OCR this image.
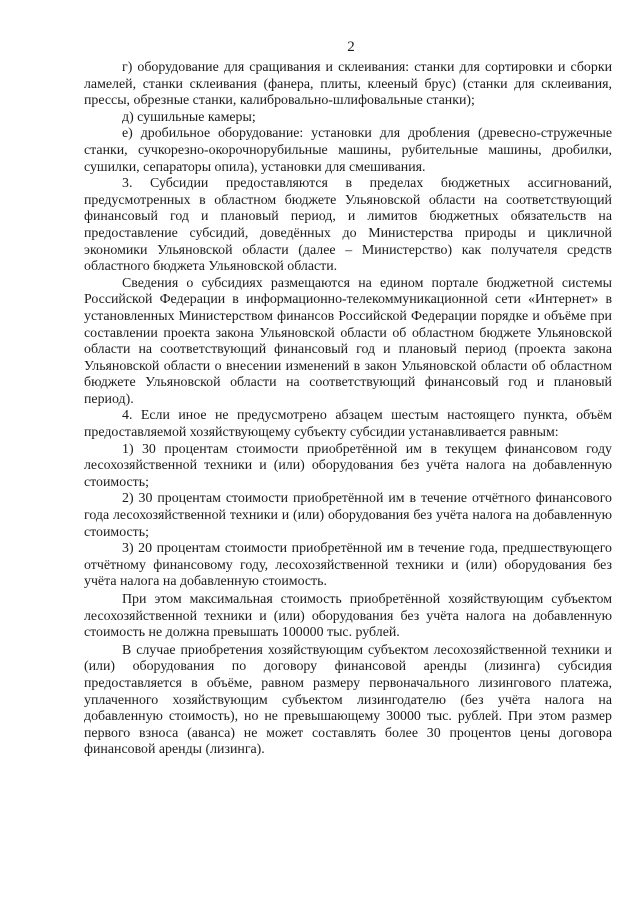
2

г) оборудование для сращивания и склеивания: станки для сортировки и сборки ламелей, станки склеивания (фанера, плиты, клееный брус) (станки для склеивания, прессы, обрезные станки, калибровально-шлифовальные станки);

д) сушильные камеры;

е) дробильное оборудование: установки для дробления (древесно-стружечные станки, сучкорезно-окорочнорубильные машины, рубительные машины, дробилки, сушилки, сепараторы опила), установки для смешивания.

3. Субсидии предоставляются в пределах бюджетных ассигнований, предусмотренных в областном бюджете Ульяновской области на соответствующий финансовый год и плановый период, и лимитов бюджетных обязательств на предоставление субсидий, доведённых до Министерства природы и цикличной экономики Ульяновской области (далее – Министерство) как получателя средств областного бюджета Ульяновской области.

Сведения о субсидиях размещаются на едином портале бюджетной системы Российской Федерации в информационно-телекоммуникационной сети «Интернет» в установленных Министерством финансов Российской Федерации порядке и объёме при составлении проекта закона Ульяновской области об областном бюджете Ульяновской области на соответствующий финансовый год и плановый период (проекта закона Ульяновской области о внесении изменений в закон Ульяновской области об областном бюджете Ульяновской области на соответствующий финансовый год и плановый период).

4. Если иное не предусмотрено абзацем шестым настоящего пункта, объём предоставляемой хозяйствующему субъекту субсидии устанавливается равным:

1) 30 процентам стоимости приобретённой им в текущем финансовом году лесохозяйственной техники и (или) оборудования без учёта налога на добавленную стоимость;

2) 30 процентам стоимости приобретённой им в течение отчётного финансового года лесохозяйственной техники и (или) оборудования без учёта налога на добавленную стоимость;

3) 20 процентам стоимости приобретённой им в течение года, предшествующего отчётному финансовому году, лесохозяйственной техники и (или) оборудования без учёта налога на добавленную стоимость.

При этом максимальная стоимость приобретённой хозяйствующим субъектом лесохозяйственной техники и (или) оборудования без учёта налога на добавленную стоимость не должна превышать 100000 тыс. рублей.

В случае приобретения хозяйствующим субъектом лесохозяйственной техники и (или) оборудования по договору финансовой аренды (лизинга) субсидия предоставляется в объёме, равном размеру первоначального лизингового платежа, уплаченного хозяйствующим субъектом лизингодателю (без учёта налога на добавленную стоимость), но не превышающему 30000 тыс. рублей. При этом размер первого взноса (аванса) не может составлять более 30 процентов цены договора финансовой аренды (лизинга).
